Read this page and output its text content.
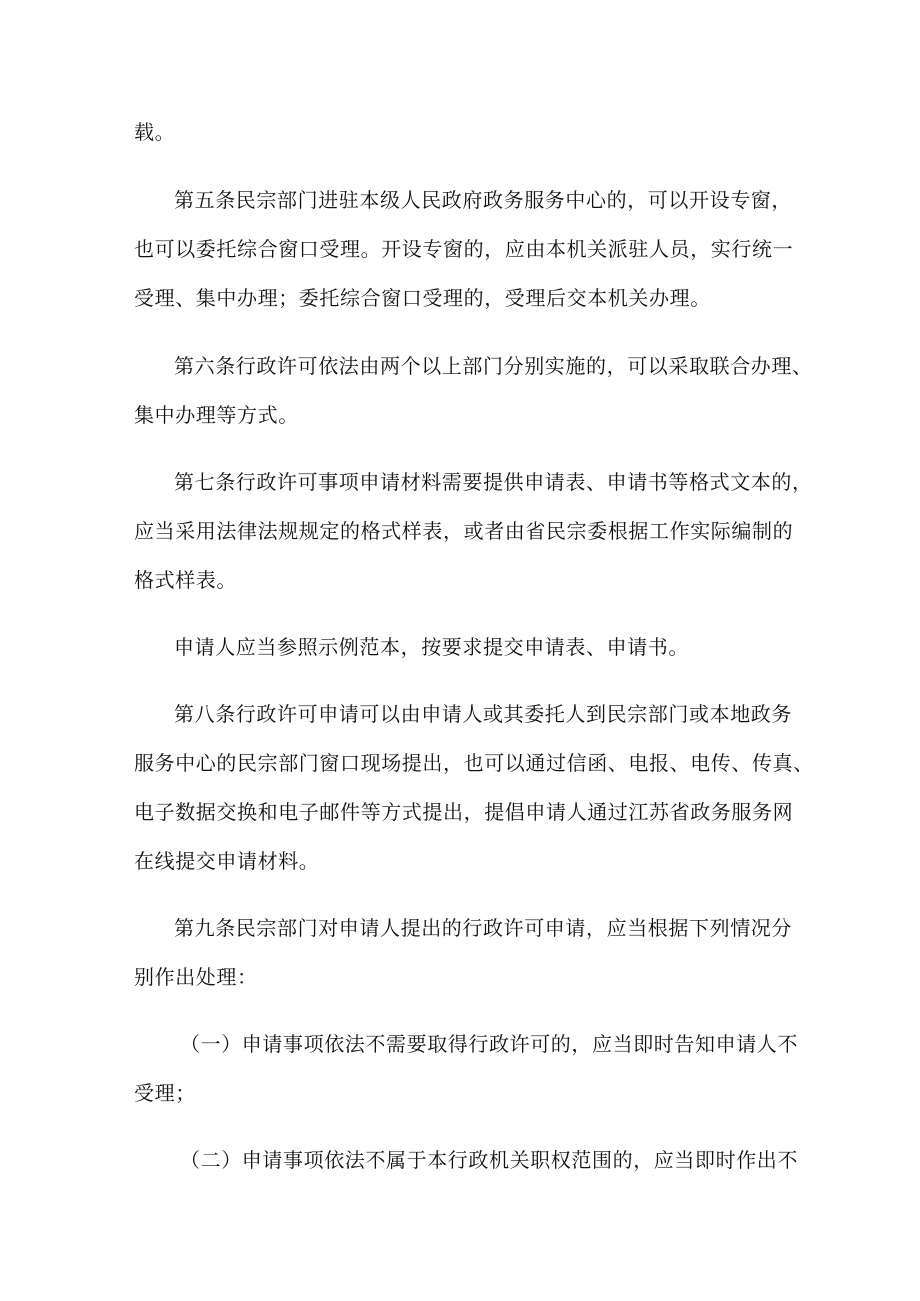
载。
第五条民宗部门进驻本级人民政府政务服务中心的，可以开设专窗，
也可以委托综合窗口受理。开设专窗的，应由本机关派驻人员，实行统一
受理、集中办理；委托综合窗口受理的，受理后交本机关办理。
第六条行政许可依法由两个以上部门分别实施的，可以采取联合办理、
集中办理等方式。
第七条行政许可事项申请材料需要提供申请表、申请书等格式文本的，
应当采用法律法规规定的格式样表，或者由省民宗委根据工作实际编制的
格式样表。
申请人应当参照示例范本，按要求提交申请表、申请书。
第八条行政许可申请可以由申请人或其委托人到民宗部门或本地政务
服务中心的民宗部门窗口现场提出，也可以通过信函、电报、电传、传真、
电子数据交换和电子邮件等方式提出，提倡申请人通过江苏省政务服务网
在线提交申请材料。
第九条民宗部门对申请人提出的行政许可申请，应当根据下列情况分
别作出处理：
（一）申请事项依法不需要取得行政许可的，应当即时告知申请人不
受理；
（二）申请事项依法不属于本行政机关职权范围的，应当即时作出不
